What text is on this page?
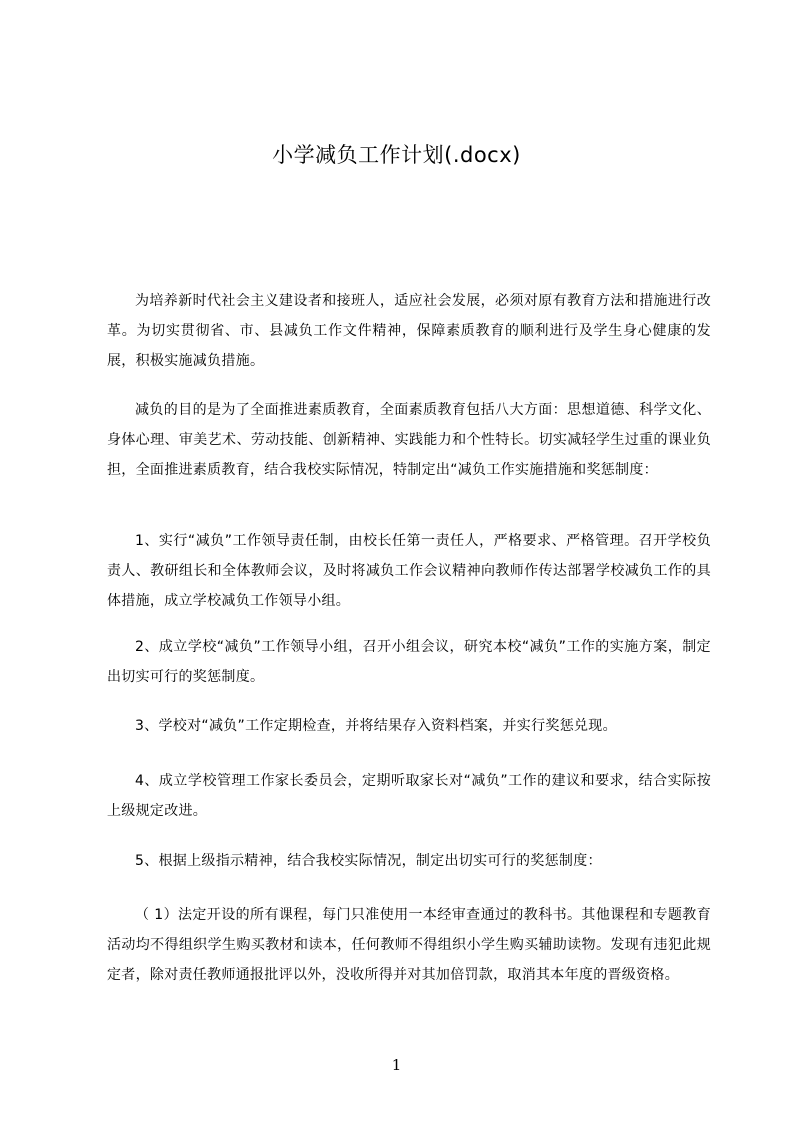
小学减负工作计划(.docx)
为培养新时代社会主义建设者和接班人，适应社会发展，必须对原有教育方法和措施进行改革。为切实贯彻省、市、县减负工作文件精神，保障素质教育的顺利进行及学生身心健康的发展，积极实施减负措施。
减负的目的是为了全面推进素质教育，全面素质教育包括八大方面：思想道德、科学文化、身体心理、审美艺术、劳动技能、创新精神、实践能力和个性特长。切实减轻学生过重的课业负担，全面推进素质教育，结合我校实际情况，特制定出“减负工作实施措施和奖惩制度：
1、实行“减负”工作领导责任制，由校长任第一责任人，严格要求、严格管理。召开学校负责人、教研组长和全体教师会议，及时将减负工作会议精神向教师作传达部署学校减负工作的具体措施，成立学校减负工作领导小组。
2、成立学校“减负”工作领导小组，召开小组会议，研究本校“减负”工作的实施方案，制定出切实可行的奖惩制度。
3、学校对“减负”工作定期检查，并将结果存入资料档案，并实行奖惩兑现。
4、成立学校管理工作家长委员会，定期听取家长对“减负”工作的建议和要求，结合实际按上级规定改进。
5、根据上级指示精神，结合我校实际情况，制定出切实可行的奖惩制度：
（ 1）法定开设的所有课程，每门只准使用一本经审查通过的教科书。其他课程和专题教育活动均不得组织学生购买教材和读本，任何教师不得组织小学生购买辅助读物。发现有违犯此规定者，除对责任教师通报批评以外，没收所得并对其加倍罚款，取消其本年度的晋级资格。
1
